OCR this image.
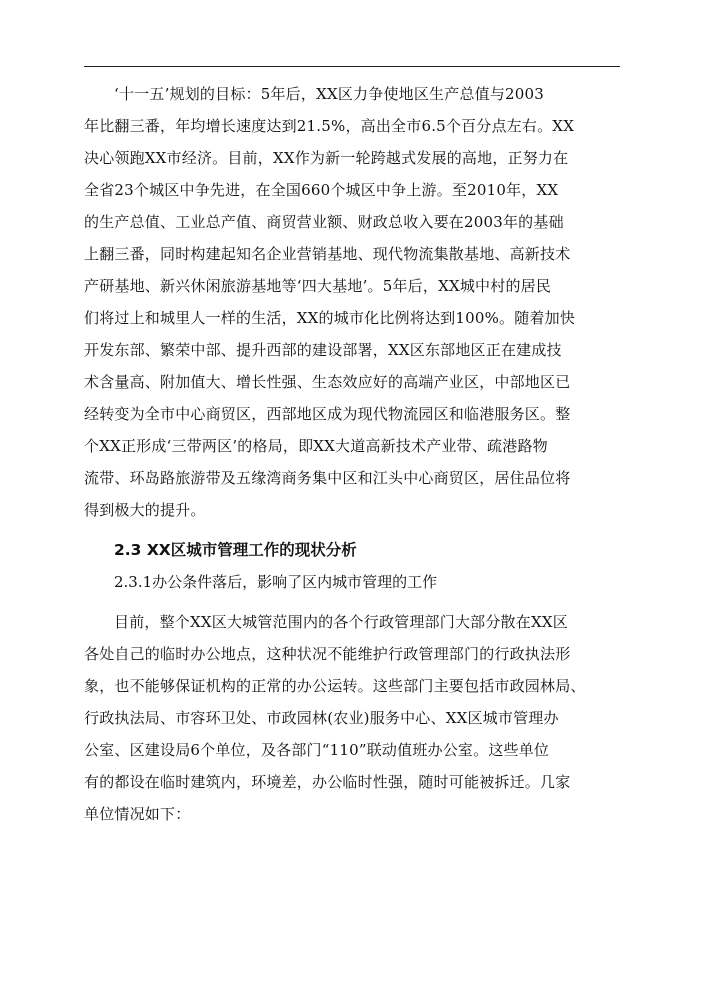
‘十一五’规划的目标：5年后，XX区力争使地区生产总值与2003
年比翻三番，年均增长速度达到21.5%，高出全市6.5个百分点左右。XX
决心领跑XX市经济。目前，XX作为新一轮跨越式发展的高地，正努力在
全省23个城区中争先进，在全国660个城区中争上游。至2010年，XX
的生产总值、工业总产值、商贸营业额、财政总收入要在2003年的基础
上翻三番，同时构建起知名企业营销基地、现代物流集散基地、高新技术
产研基地、新兴休闲旅游基地等‘四大基地’。5年后，XX城中村的居民
们将过上和城里人一样的生活，XX的城市化比例将达到100%。随着加快
开发东部、繁荣中部、提升西部的建设部署，XX区东部地区正在建成技
术含量高、附加值大、增长性强、生态效应好的高端产业区，中部地区已
经转变为全市中心商贸区，西部地区成为现代物流园区和临港服务区。整
个XX正形成‘三带两区’的格局，即XX大道高新技术产业带、疏港路物
流带、环岛路旅游带及五缘湾商务集中区和江头中心商贸区，居住品位将
得到极大的提升。
2.3 XX区城市管理工作的现状分析
2.3.1办公条件落后，影响了区内城市管理的工作
目前，整个XX区大城管范围内的各个行政管理部门大部分散在XX区
各处自己的临时办公地点，这种状况不能维护行政管理部门的行政执法形
象，也不能够保证机构的正常的办公运转。这些部门主要包括市政园林局、
行政执法局、市容环卫处、市政园林(农业)服务中心、XX区城市管理办
公室、区建设局6个单位，及各部门“110”联动值班办公室。这些单位
有的都设在临时建筑内，环境差，办公临时性强，随时可能被拆迁。几家
单位情况如下：
